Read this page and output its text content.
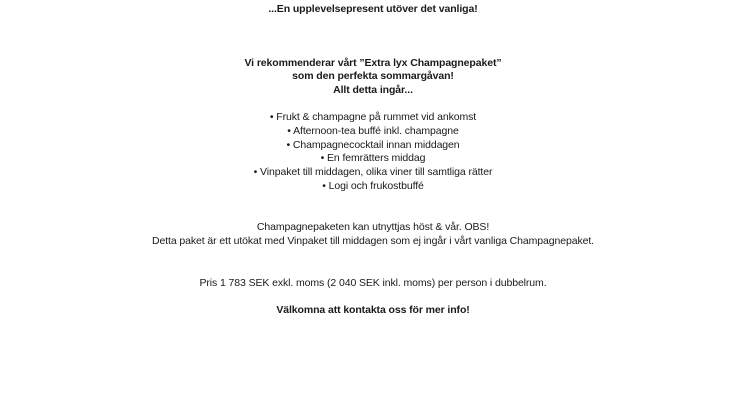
...En upplevelsepresent utöver det vanliga!
Vi rekommenderar vårt ”Extra lyx Champagnepaket”
som den perfekta sommargåvan!
Allt detta ingår...
• Frukt & champagne på rummet vid ankomst
• Afternoon-tea buffé inkl. champagne
• Champagnecocktail innan middagen
• En femrätters middag
• Vinpaket till middagen, olika viner till samtliga rätter
• Logi och frukostbuffé
Champagnepaketen kan utnyttjas höst & vår. OBS!
Detta paket är ett utökat med Vinpaket till middagen som ej ingår i vårt vanliga Champagnepaket.
Pris 1 783 SEK exkl. moms (2 040 SEK inkl. moms) per person i dubbelrum.
Välkomna att kontakta oss för mer info!
